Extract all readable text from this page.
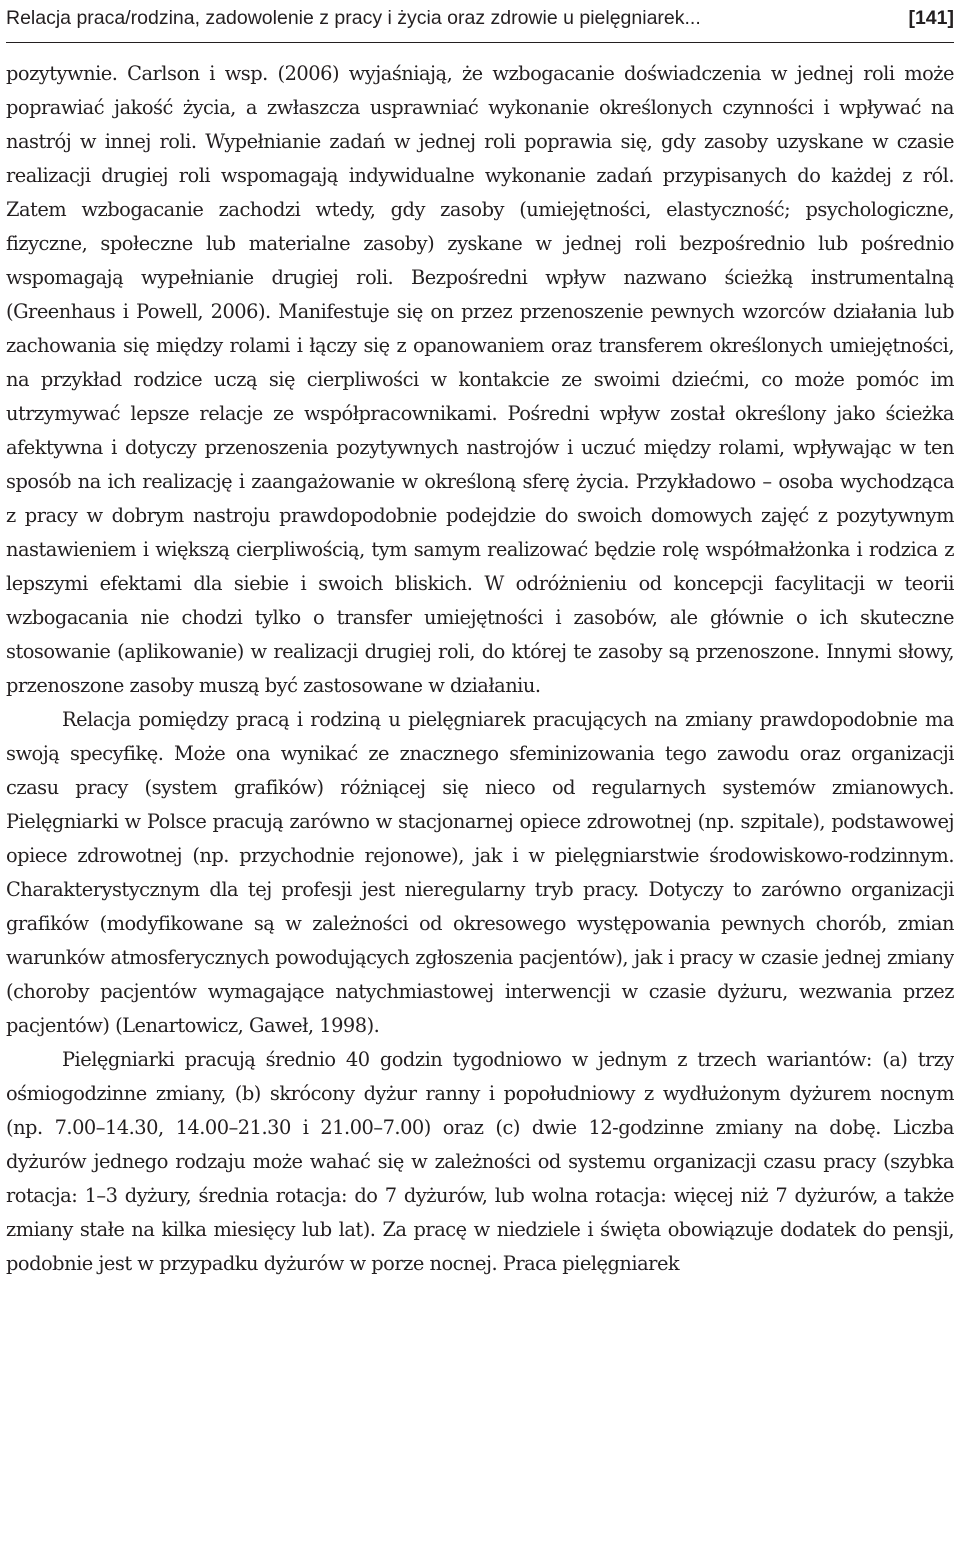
Relacja praca/rodzina, zadowolenie z pracy i życia oraz zdrowie u pielęgniarek...	[141]

pozytywnie. Carlson i wsp. (2006) wyjaśniają, że wzbogacanie doświadczenia w jednej roli może poprawiać jakość życia, a zwłaszcza usprawniać wykonanie określonych czynności i wpływać na nastrój w innej roli. Wypełnianie zadań w jednej roli poprawia się, gdy zasoby uzyskane w czasie realizacji drugiej roli wspomagają indywidualne wykonanie zadań przypisanych do każdej z ról. Zatem wzbogacanie zachodzi wtedy, gdy zasoby (umiejętności, elastyczność; psychologiczne, fizyczne, społeczne lub materialne zasoby) zyskane w jednej roli bezpośrednio lub pośrednio wspomagają wypełnianie drugiej roli. Bezpośredni wpływ nazwano ścieżką instrumentalną (Greenhaus i Powell, 2006). Manifestuje się on przez przenoszenie pewnych wzorców działania lub zachowania się między rolami i łączy się z opanowaniem oraz transferem określonych umiejętności, na przykład rodzice uczą się cierpliwości w kontakcie ze swoimi dziećmi, co może pomóc im utrzymywać lepsze relacje ze współpracownikami. Pośredni wpływ został określony jako ścieżka afektywna i dotyczy przenoszenia pozytywnych nastrojów i uczuć między rolami, wpływając w ten sposób na ich realizację i zaangażowanie w określoną sferę życia. Przykładowo – osoba wychodząca z pracy w dobrym nastroju prawdopodobnie podejdzie do swoich domowych zajęć z pozytywnym nastawieniem i większą cierpliwością, tym samym realizować będzie rolę współmałżonka i rodzica z lepszymi efektami dla siebie i swoich bliskich. W odróżnieniu od koncepcji facylitacji w teorii wzbogacania nie chodzi tylko o transfer umiejętności i zasobów, ale głównie o ich skuteczne stosowanie (aplikowanie) w realizacji drugiej roli, do której te zasoby są przenoszone. Innymi słowy, przenoszone zasoby muszą być zastosowane w działaniu.

Relacja pomiędzy pracą i rodziną u pielęgniarek pracujących na zmiany prawdopodobnie ma swoją specyfikę. Może ona wynikać ze znacznego sfeminizowania tego zawodu oraz organizacji czasu pracy (system grafików) różniącej się nieco od regularnych systemów zmianowych. Pielęgniarki w Polsce pracują zarówno w stacjonarnej opiece zdrowotnej (np. szpitale), podstawowej opiece zdrowotnej (np. przychodnie rejonowe), jak i w pielęgniarstwie środowiskowo-rodzinnym. Charakterystycznym dla tej profesji jest nieregularny tryb pracy. Dotyczy to zarówno organizacji grafików (modyfikowane są w zależności od okresowego występowania pewnych chorób, zmian warunków atmosferycznych powodujących zgłoszenia pacjentów), jak i pracy w czasie jednej zmiany (choroby pacjentów wymagające natychmiastowej interwencji w czasie dyżuru, wezwania przez pacjentów) (Lenartowicz, Gaweł, 1998).

Pielęgniarki pracują średnio 40 godzin tygodniowo w jednym z trzech wariantów: (a) trzy ośmiogodzinne zmiany, (b) skrócony dyżur ranny i popołudniowy z wydłużonym dyżurem nocnym (np. 7.00–14.30, 14.00–21.30 i 21.00–7.00) oraz (c) dwie 12-godzinne zmiany na dobę. Liczba dyżurów jednego rodzaju może wahać się w zależności od systemu organizacji czasu pracy (szybka rotacja: 1–3 dyżury, średnia rotacja: do 7 dyżurów, lub wolna rotacja: więcej niż 7 dyżurów, a także zmiany stałe na kilka miesięcy lub lat). Za pracę w niedziele i święta obowiązuje dodatek do pensji, podobnie jest w przypadku dyżurów w porze nocnej. Praca pielęgniarek
